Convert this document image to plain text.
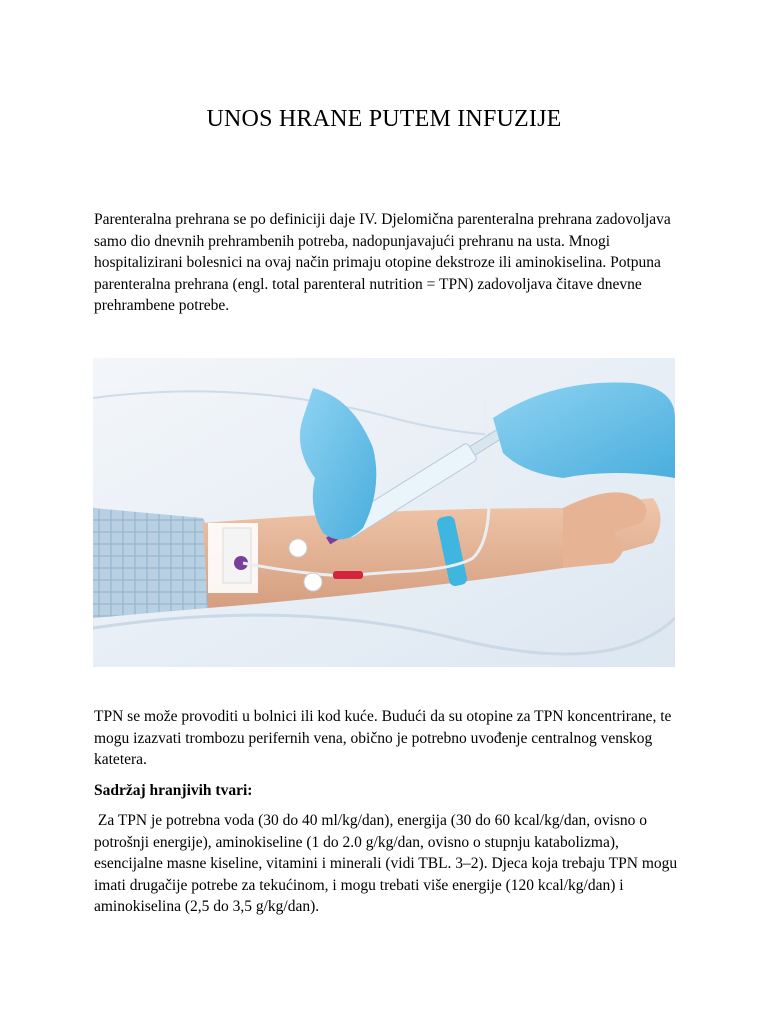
UNOS HRANE PUTEM INFUZIJE

Parenteralna prehrana se po definiciji daje IV. Djelomična parenteralna prehrana zadovoljava samo dio dnevnih prehrambenih potreba, nadopunjavajući prehranu na usta. Mnogi hospitalizirani bolesnici na ovaj način primaju otopine dekstroze ili aminokiselina. Potpuna parenteralna prehrana (engl. total parenteral nutrition = TPN) zadovoljava čitave dnevne prehrambene potrebe.

TPN se može provoditi u bolnici ili kod kuće. Budući da su otopine za TPN koncentrirane, te mogu izazvati trombozu perifernih vena, obično je potrebno uvođenje centralnog venskog katetera.

Sadržaj hranjivih tvari:

Za TPN je potrebna voda (30 do 40 ml/kg/dan), energija (30 do 60 kcal/kg/dan, ovisno o potrošnji energije), aminokiseline (1 do 2.0 g/kg/dan, ovisno o stupnju katabolizma), esencijalne masne kiseline, vitamini i minerali (vidi TBL. 3–2). Djeca koja trebaju TPN mogu imati drugačije potrebe za tekućinom, i mogu trebati više energije (120 kcal/kg/dan) i aminokiselina (2,5 do 3,5 g/kg/dan).
